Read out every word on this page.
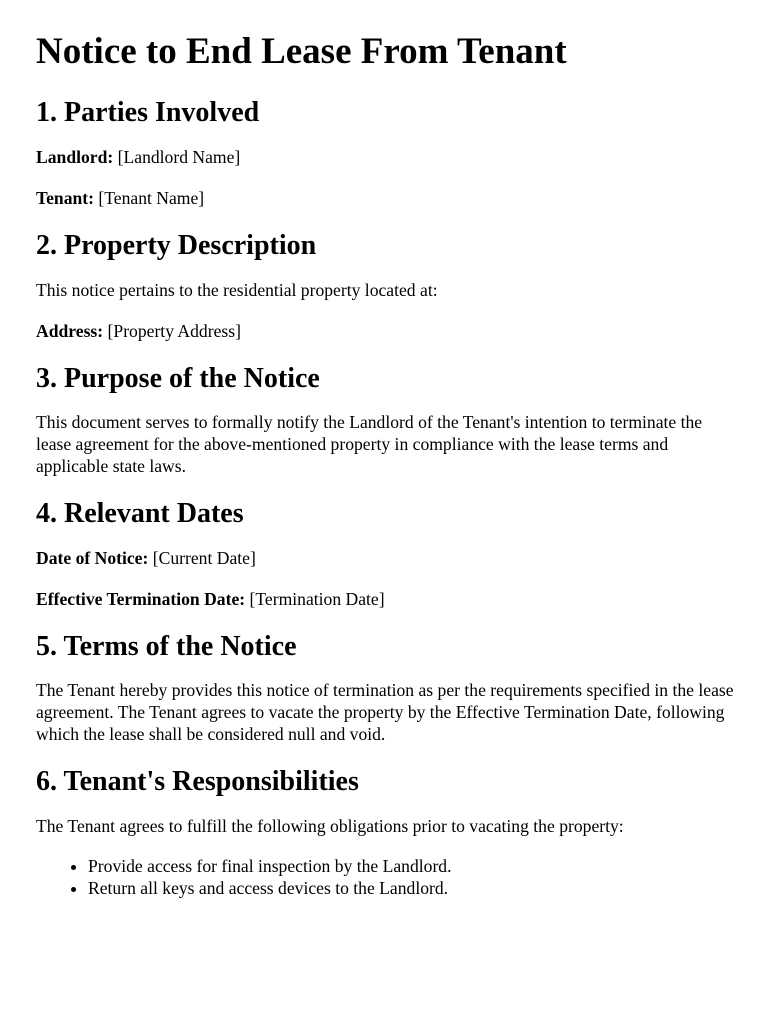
Notice to End Lease From Tenant
1. Parties Involved

Landlord: [Landlord Name]

Tenant: [Tenant Name]

2. Property Description

This notice pertains to the residential property located at:

Address: [Property Address]

3. Purpose of the Notice

This document serves to formally notify the Landlord of the Tenant's intention to terminate the lease agreement for the above-mentioned property in compliance with the lease terms and applicable state laws.

4. Relevant Dates

Date of Notice: [Current Date]

Effective Termination Date: [Termination Date]

5. Terms of the Notice

The Tenant hereby provides this notice of termination as per the requirements specified in the lease agreement. The Tenant agrees to vacate the property by the Effective Termination Date, following which the lease shall be considered null and void.

6. Tenant's Responsibilities

The Tenant agrees to fulfill the following obligations prior to vacating the property:

• Provide access for final inspection by the Landlord.
• Return all keys and access devices to the Landlord.
